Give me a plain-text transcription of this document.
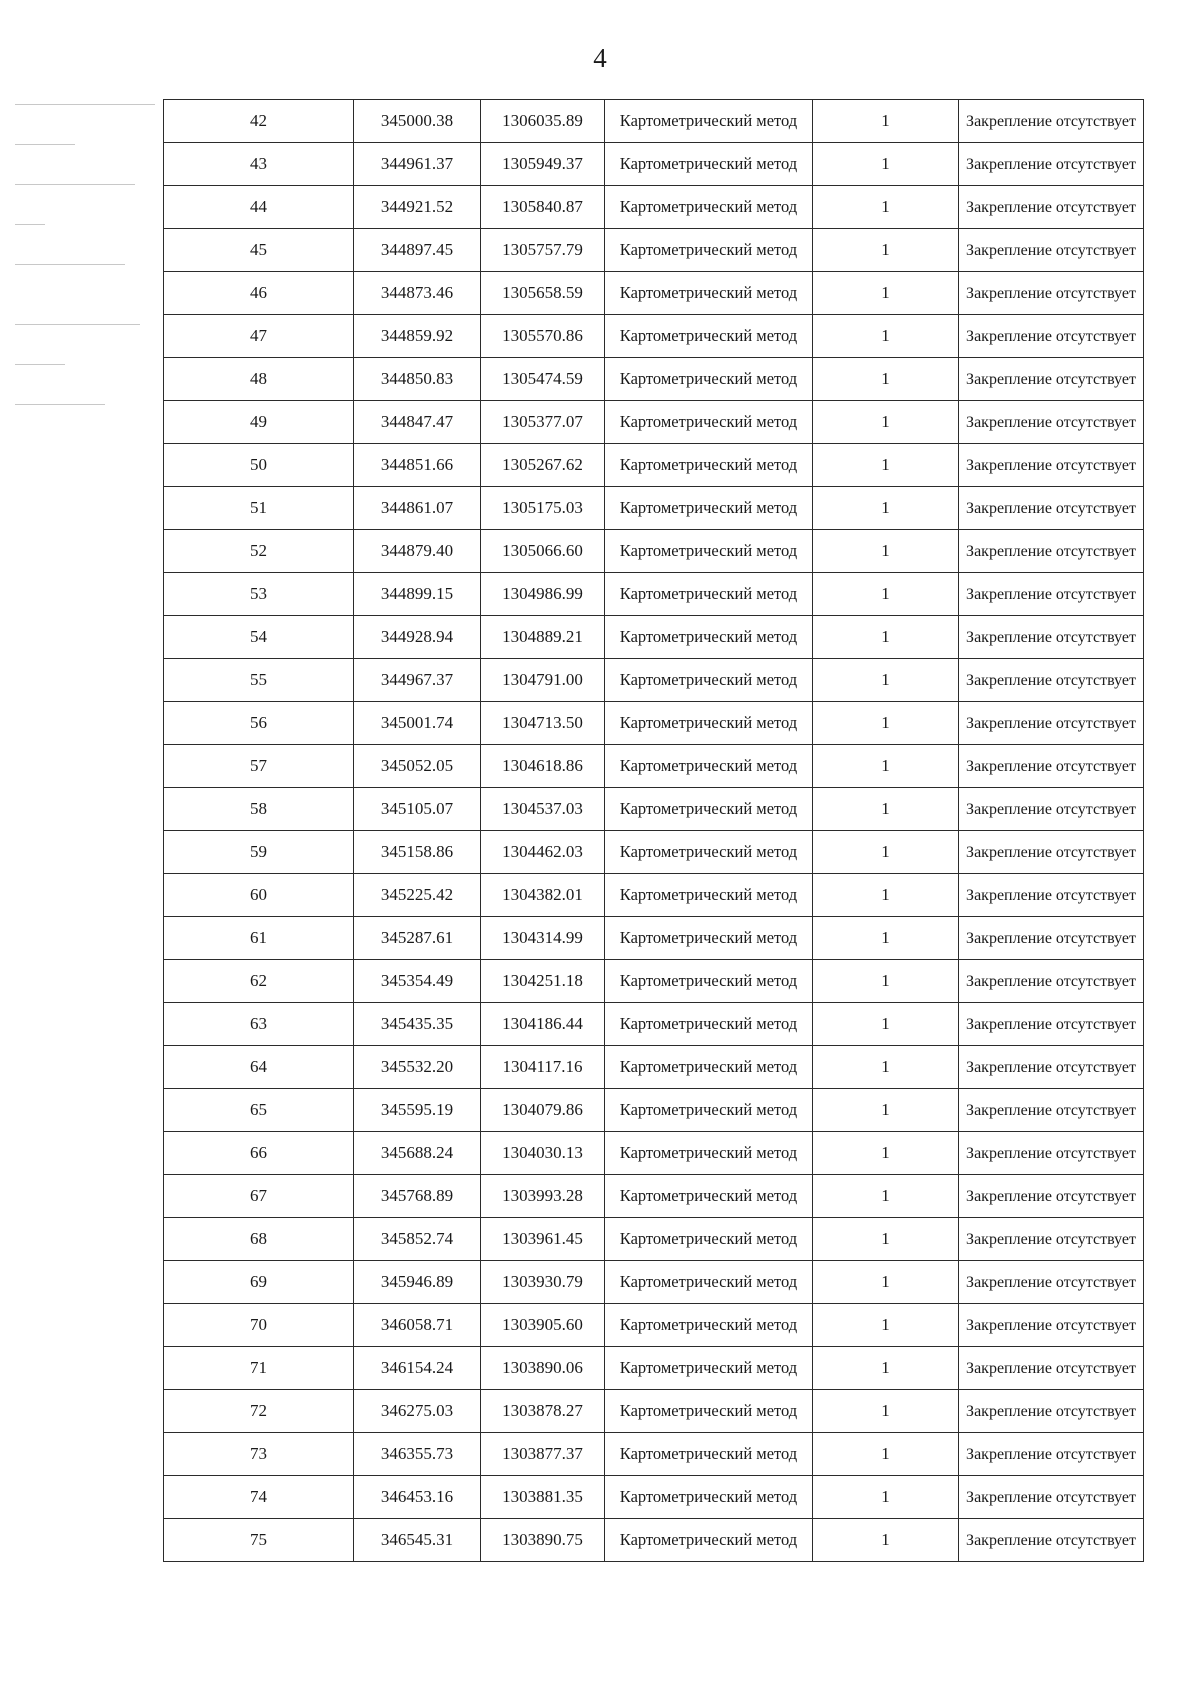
4
42	345000.38	1306035.89	Картометрический метод	1	Закрепление отсутствует
43	344961.37	1305949.37	Картометрический метод	1	Закрепление отсутствует
44	344921.52	1305840.87	Картометрический метод	1	Закрепление отсутствует
45	344897.45	1305757.79	Картометрический метод	1	Закрепление отсутствует
46	344873.46	1305658.59	Картометрический метод	1	Закрепление отсутствует
47	344859.92	1305570.86	Картометрический метод	1	Закрепление отсутствует
48	344850.83	1305474.59	Картометрический метод	1	Закрепление отсутствует
49	344847.47	1305377.07	Картометрический метод	1	Закрепление отсутствует
50	344851.66	1305267.62	Картометрический метод	1	Закрепление отсутствует
51	344861.07	1305175.03	Картометрический метод	1	Закрепление отсутствует
52	344879.40	1305066.60	Картометрический метод	1	Закрепление отсутствует
53	344899.15	1304986.99	Картометрический метод	1	Закрепление отсутствует
54	344928.94	1304889.21	Картометрический метод	1	Закрепление отсутствует
55	344967.37	1304791.00	Картометрический метод	1	Закрепление отсутствует
56	345001.74	1304713.50	Картометрический метод	1	Закрепление отсутствует
57	345052.05	1304618.86	Картометрический метод	1	Закрепление отсутствует
58	345105.07	1304537.03	Картометрический метод	1	Закрепление отсутствует
59	345158.86	1304462.03	Картометрический метод	1	Закрепление отсутствует
60	345225.42	1304382.01	Картометрический метод	1	Закрепление отсутствует
61	345287.61	1304314.99	Картометрический метод	1	Закрепление отсутствует
62	345354.49	1304251.18	Картометрический метод	1	Закрепление отсутствует
63	345435.35	1304186.44	Картометрический метод	1	Закрепление отсутствует
64	345532.20	1304117.16	Картометрический метод	1	Закрепление отсутствует
65	345595.19	1304079.86	Картометрический метод	1	Закрепление отсутствует
66	345688.24	1304030.13	Картометрический метод	1	Закрепление отсутствует
67	345768.89	1303993.28	Картометрический метод	1	Закрепление отсутствует
68	345852.74	1303961.45	Картометрический метод	1	Закрепление отсутствует
69	345946.89	1303930.79	Картометрический метод	1	Закрепление отсутствует
70	346058.71	1303905.60	Картометрический метод	1	Закрепление отсутствует
71	346154.24	1303890.06	Картометрический метод	1	Закрепление отсутствует
72	346275.03	1303878.27	Картометрический метод	1	Закрепление отсутствует
73	346355.73	1303877.37	Картометрический метод	1	Закрепление отсутствует
74	346453.16	1303881.35	Картометрический метод	1	Закрепление отсутствует
75	346545.31	1303890.75	Картометрический метод	1	Закрепление отсутствует
